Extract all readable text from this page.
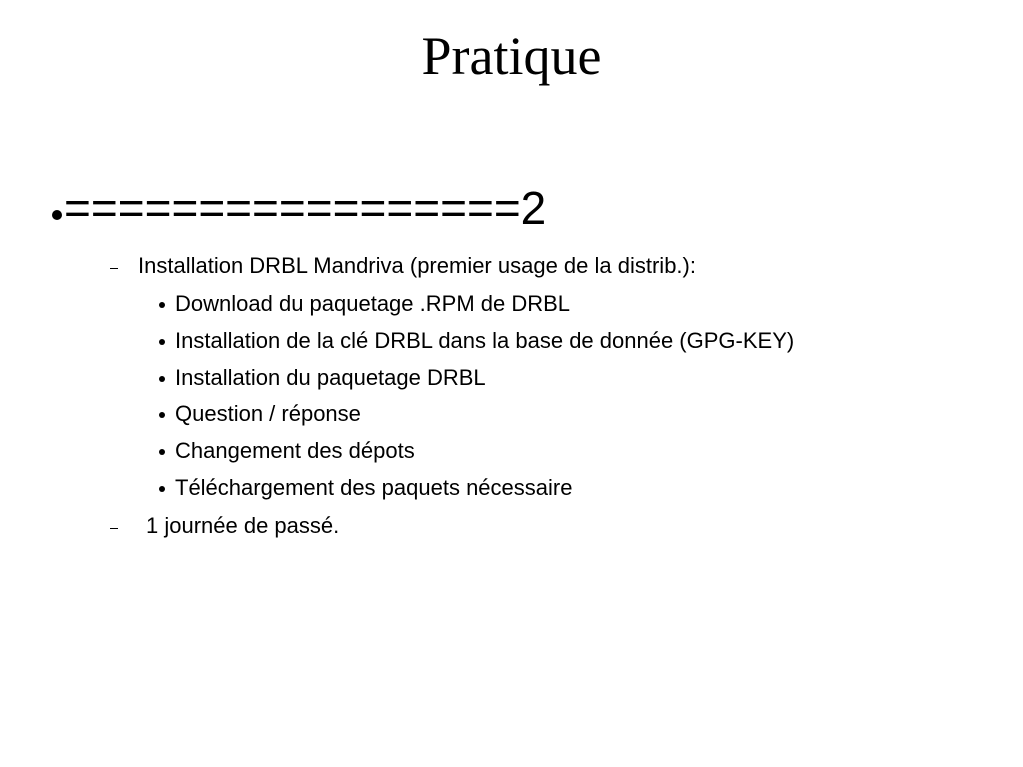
Pratique
=================2
Installation DRBL Mandriva (premier usage de la distrib.):
Download du paquetage .RPM de DRBL
Installation de la clé DRBL dans la base de donnée (GPG-KEY)
Installation du paquetage DRBL
Question / réponse
Changement des dépots
Téléchargement des paquets nécessaire
1 journée de passé.
